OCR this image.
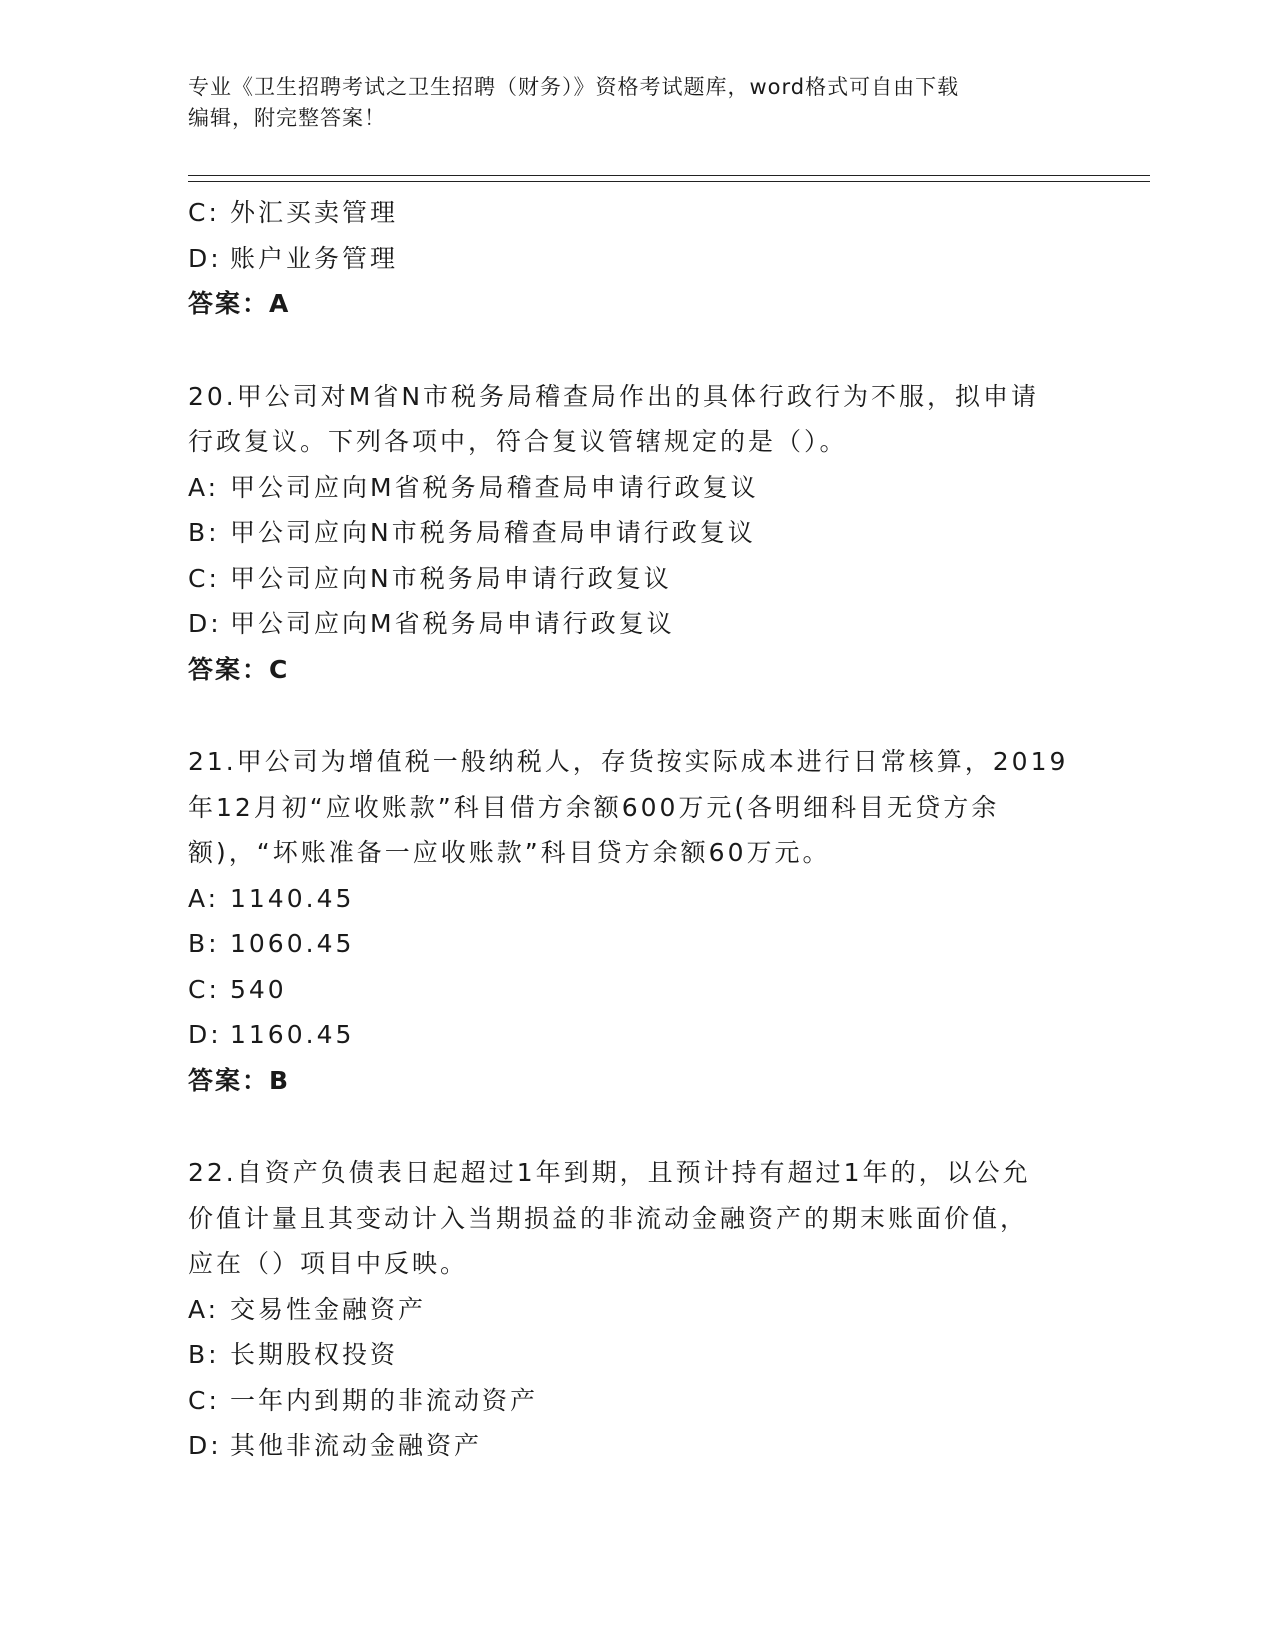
专业《卫生招聘考试之卫生招聘（财务）》资格考试题库，word格式可自由下载
编辑，附完整答案！
C: 外汇买卖管理
D: 账户业务管理
答案：A
20.甲公司对M省N市税务局稽查局作出的具体行政行为不服，拟申请
行政复议。下列各项中，符合复议管辖规定的是（）。
A: 甲公司应向M省税务局稽查局申请行政复议
B: 甲公司应向N市税务局稽查局申请行政复议
C: 甲公司应向N市税务局申请行政复议
D: 甲公司应向M省税务局申请行政复议
答案：C
21.甲公司为增值税一般纳税人，存货按实际成本进行日常核算，2019
年12月初“应收账款”科目借方余额600万元(各明细科目无贷方余
额)，“坏账准备一应收账款”科目贷方余额60万元。
A: 1140.45
B: 1060.45
C: 540
D: 1160.45
答案：B
22.自资产负债表日起超过1年到期，且预计持有超过1年的，以公允
价值计量且其变动计入当期损益的非流动金融资产的期末账面价值，
应在（）项目中反映。
A: 交易性金融资产
B: 长期股权投资
C: 一年内到期的非流动资产
D: 其他非流动金融资产
